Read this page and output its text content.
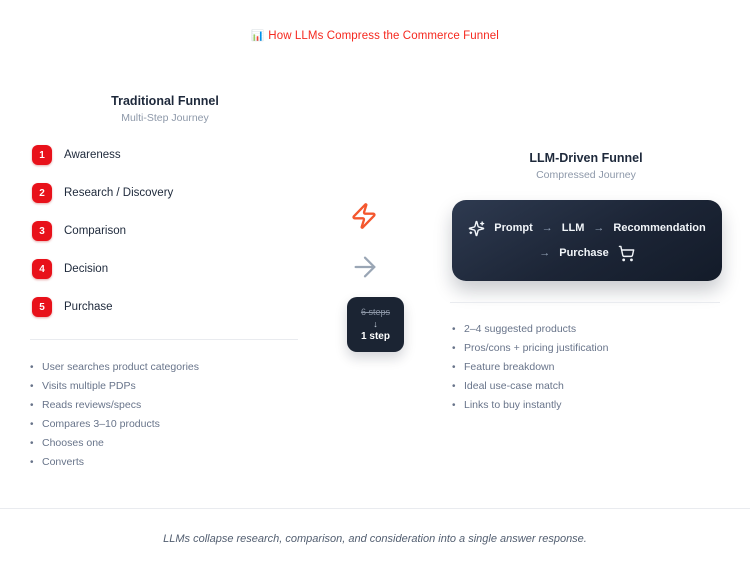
📊 How LLMs Compress the Commerce Funnel
Traditional Funnel
Multi-Step Journey
1	Awareness
2	Research / Discovery
3	Comparison
4	Decision
5	Purchase
• User searches product categories
• Visits multiple PDPs
• Reads reviews/specs
• Compares 3–10 products
• Chooses one
• Converts
6 steps
↓
1 step
LLM-Driven Funnel
Compressed Journey
Prompt → LLM → Recommendation
→ Purchase
• 2–4 suggested products
• Pros/cons + pricing justification
• Feature breakdown
• Ideal use-case match
• Links to buy instantly
LLMs collapse research, comparison, and consideration into a single answer response.
